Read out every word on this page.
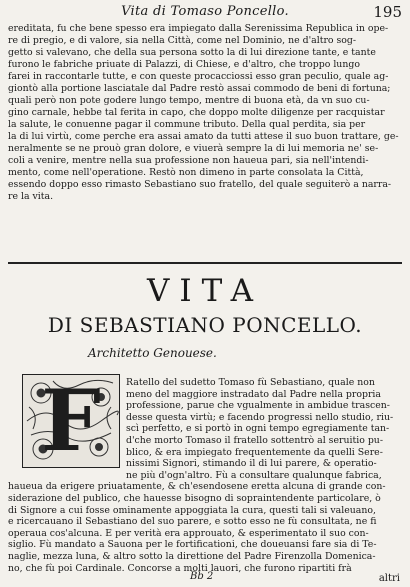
Vita di Tomaso Poncello.	195
ereditata, fu che bene spesso era impiegato dalla Serenissima Republica in ope-
re di pregio, e di valore, sia nella Città, come nel Dominio, ne d'altro sog-
getto si valevano, che della sua persona sotto la di lui direzione tante, e tante
furono le fabriche priuate di Palazzi, di Chiese, e d'altro, che troppo lungo
farei in raccontarle tutte, e con queste procacciossi esso gran peculio, quale ag-
giontò alla portione lasciatale dal Padre restò assai commodo de beni di fortuna;
quali però non pote godere lungo tempo, mentre di buona età, da vn suo cu-
gino carnale, hebbe tal ferita in capo, che doppo molte diligenze per racquistar
la salute, le conuenne pagar il commune tributo. Della qual perdita, sia per
la di lui virtù, come perche era assai amato da tutti attese il suo buon trattare, ge-
neralmente se ne prouò gran dolore, e viuerà sempre la di lui memoria ne' se-
coli a venire, mentre nella sua professione non haueua pari, sia nell'intendi-
mento, come nell'operatione. Restò non dimeno in parte consolata la Città,
essendo doppo esso rimasto Sebastiano suo fratello, del quale seguiterò a narra-
re la vita.
VITA
DI SEBASTIANO PONCELLO.
Architetto Genouese.
F	Ratello del sudetto Tomaso fù Sebastiano, quale non
meno del maggiore instradato dal Padre nella propria
professione, parue che vgualmente in ambidue trascen-
desse questa virtù; e facendo progressi nello studio, riu-
scì perfetto, e si portò in ogni tempo egregiamente tan-
d'che morto Tomaso il fratello sottentrò al seruitio pu-
blico, & era impiegato frequentemente da quelli Sere-
nissimi Signori, stimando il di lui parere, & operatio-
ne più d'ogn'altro. Fù a consultare qualunque fabrica,
haueua da erigere priuatamente, & ch'esendosene eretta alcuna di grande con-
siderazione del publico, che hauesse bisogno di sopraintendente particolare, ò
di Signore a cui fosse ominamente appoggiata la cura, questi tali si valeuano,
e ricercauano il Sebastiano del suo parere, e sotto esso ne fù consultata, ne fi
operaua cos'alcuna. E per verità era approuato, & esperimentato il suo con-
siglio. Fù mandato a Sauona per le fortificationi, che doueuansi fare sia di Te-
naglie, mezza luna, & altro sotto la direttione del Padre Firenzolla Domenica-
no, che fù poi Cardinale. Concorse a molti lauori, che furono ripartiti frà
Bb 2	altri
